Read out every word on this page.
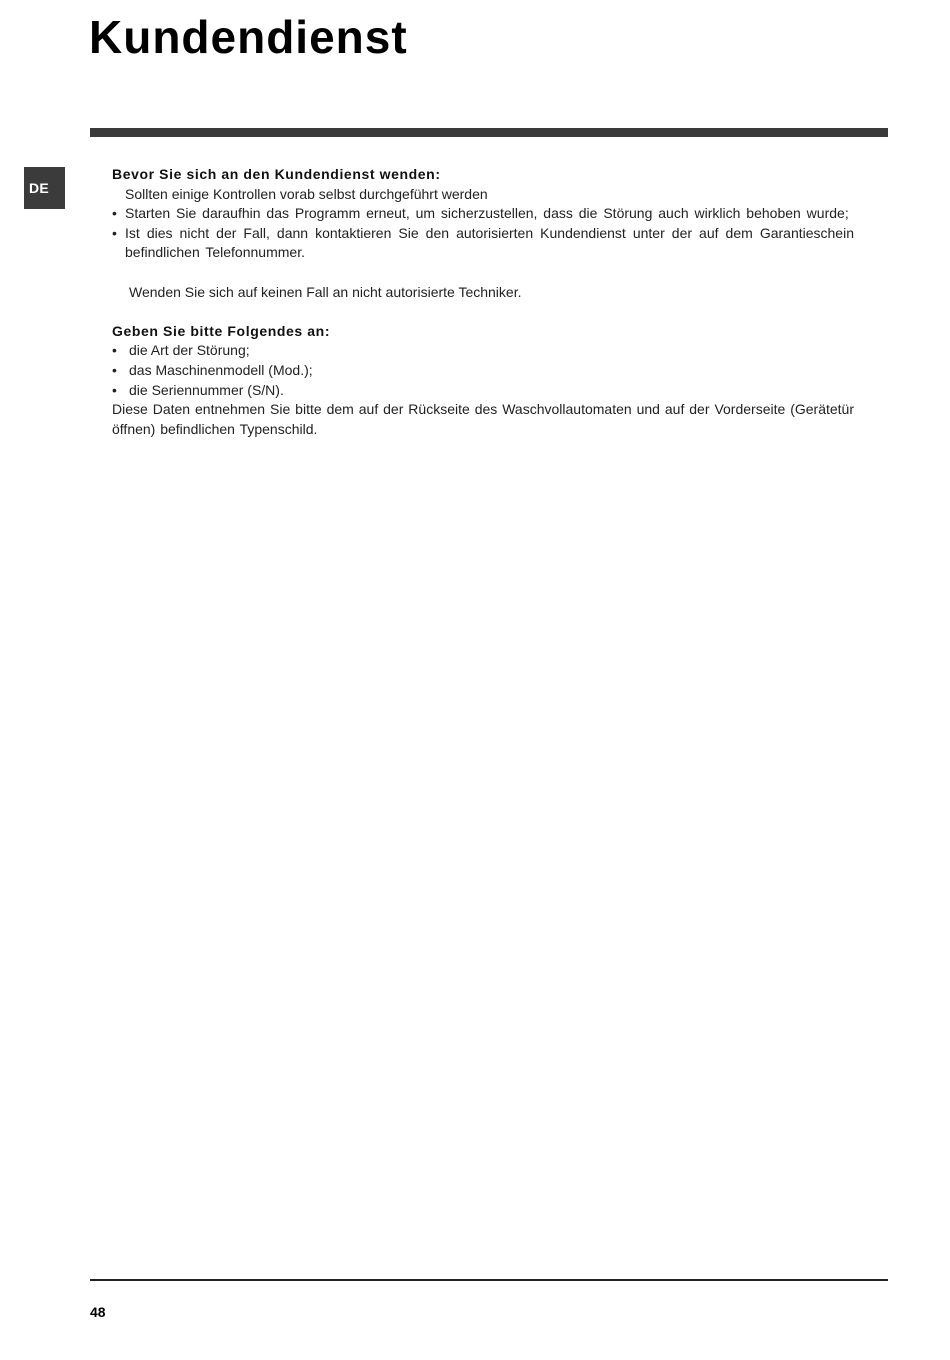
Kundendienst
DE

Bevor Sie sich an den Kundendienst wenden:

Sollten einige Kontrollen vorab selbst durchgeführt werden

• Starten Sie daraufhin das Programm erneut, um sicherzustellen, dass die Störung auch wirklich behoben wurde;
• Ist dies nicht der Fall, dann kontaktieren Sie den autorisierten Kundendienst unter der auf dem Garantieschein befindlichen Telefonnummer.

Wenden Sie sich auf keinen Fall an nicht autorisierte Techniker.

Geben Sie bitte Folgendes an:

• die Art der Störung;
• das Maschinenmodell (Mod.);
• die Seriennummer (S/N).

Diese Daten entnehmen Sie bitte dem auf der Rückseite des Waschvollautomaten und auf der Vorderseite (Gerätetür öffnen) befindlichen Typenschild.

48
